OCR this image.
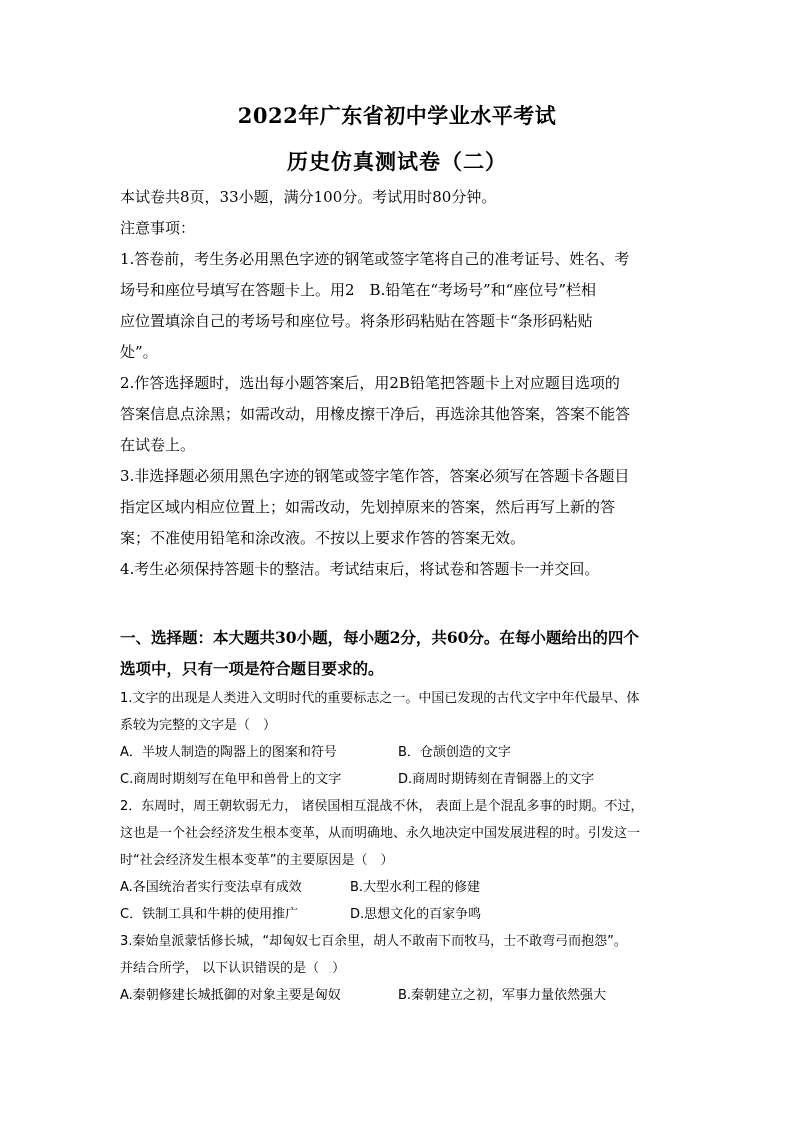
2022年广东省初中学业水平考试
历史仿真测试卷（二）
本试卷共8页，33小题，满分100分。考试用时80分钟。
注意事项：
1.答卷前，考生务必用黑色字迹的钢笔或签字笔将自己的准考证号、姓名、考
场号和座位号填写在答题卡上。用2　B.铅笔在“考场号”和“座位号”栏相
应位置填涂自己的考场号和座位号。将条形码粘贴在答题卡“条形码粘贴
处”。
2.作答选择题时，选出每小题答案后，用2B铅笔把答题卡上对应题目选项的
答案信息点涂黑；如需改动，用橡皮擦干净后，再选涂其他答案，答案不能答
在试卷上。
3.非选择题必须用黑色字迹的钢笔或签字笔作答，答案必须写在答题卡各题目
指定区域内相应位置上；如需改动，先划掉原来的答案，然后再写上新的答
案；不准使用铅笔和涂改液。不按以上要求作答的答案无效。
4.考生必须保持答题卡的整洁。考试结束后，将试卷和答题卡一并交回。
一、选择题：本大题共30小题，每小题2分，共60分。在每小题给出的四个
选项中，只有一项是符合题目要求的。
1.文字的出现是人类进入文明时代的重要标志之一。中国已发现的古代文字中年代最早、体
系较为完整的文字是（　）
A．半坡人制造的陶器上的图案和符号	B．仓颉创造的文字
C.商周时期刻写在龟甲和兽骨上的文字	D.商周时期铸刻在青铜器上的文字
2．东周时，周王朝软弱无力， 诸侯国相互混战不休， 表面上是个混乱多事的时期。不过，
这也是一个社会经济发生根本变革，从而明确地、永久地决定中国发展进程的时。引发这一
时“社会经济发生根本变革”的主要原因是（　）
A.各国统治者实行变法卓有成效	B.大型水利工程的修建
C．铁制工具和牛耕的使用推广	D.思想文化的百家争鸣
3.秦始皇派蒙恬修长城，“却匈奴七百余里，胡人不敢南下而牧马，士不敢弯弓而抱怨”。
并结合所学， 以下认识错误的是（　）
A.秦朝修建长城抵御的对象主要是匈奴	B.秦朝建立之初，军事力量依然强大
